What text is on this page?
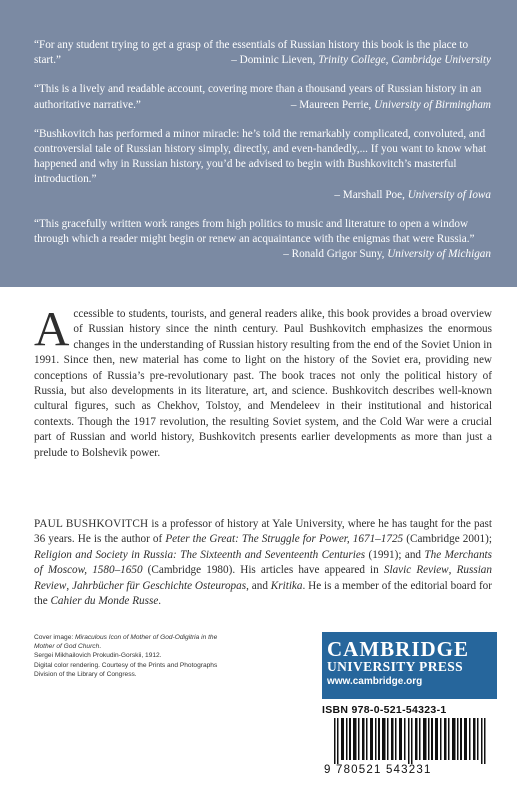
“For any student trying to get a grasp of the essentials of Russian history this book is the place to start.”	– Dominic Lieven, Trinity College, Cambridge University

“This is a lively and readable account, covering more than a thousand years of Russian history in an authoritative narrative.”	– Maureen Perrie, University of Birmingham

“Bushkovitch has performed a minor miracle: he’s told the remarkably complicated, convoluted, and controversial tale of Russian history simply, directly, and even-handedly,... If you want to know what happened and why in Russian history, you’d be advised to begin with Bushkovitch’s masterful introduction.”
– Marshall Poe, University of Iowa

“This gracefully written work ranges from high politics to music and literature to open a window through which a reader might begin or renew an acquaintance with the enigmas that were Russia.”
– Ronald Grigor Suny, University of Michigan

Accessible to students, tourists, and general readers alike, this book provides a broad overview of Russian history since the ninth century. Paul Bushkovitch emphasizes the enormous changes in the understanding of Russian history resulting from the end of the Soviet Union in 1991. Since then, new material has come to light on the history of the Soviet era, providing new conceptions of Russia’s pre-revolutionary past. The book traces not only the political history of Russia, but also developments in its literature, art, and science. Bushkovitch describes well-known cultural figures, such as Chekhov, Tolstoy, and Mendeleev in their institutional and historical contexts. Though the 1917 revolution, the resulting Soviet system, and the Cold War were a crucial part of Russian and world history, Bushkovitch presents earlier developments as more than just a prelude to Bolshevik power.

PAUL BUSHKOVITCH is a professor of history at Yale University, where he has taught for the past 36 years. He is the author of Peter the Great: The Struggle for Power, 1671–1725 (Cambridge 2001); Religion and Society in Russia: The Sixteenth and Seventeenth Centuries (1991); and The Merchants of Moscow, 1580–1650 (Cambridge 1980). His articles have appeared in Slavic Review, Russian Review, Jahrbücher für Geschichte Osteuropas, and Kritika. He is a member of the editorial board for the Cahier du Monde Russe.

Cover image: Miraculous Icon of Mother of God-Odigitria in the Mother of God Church.
Sergei Mikhailovich Prokudin-Gorskii, 1912.
Digital color rendering. Courtesy of the Prints and Photographs Division of the Library of Congress.
CAMBRIDGE
UNIVERSITY PRESS
www.cambridge.org
ISBN 978-0-521-54323-1
9 780521 543231
